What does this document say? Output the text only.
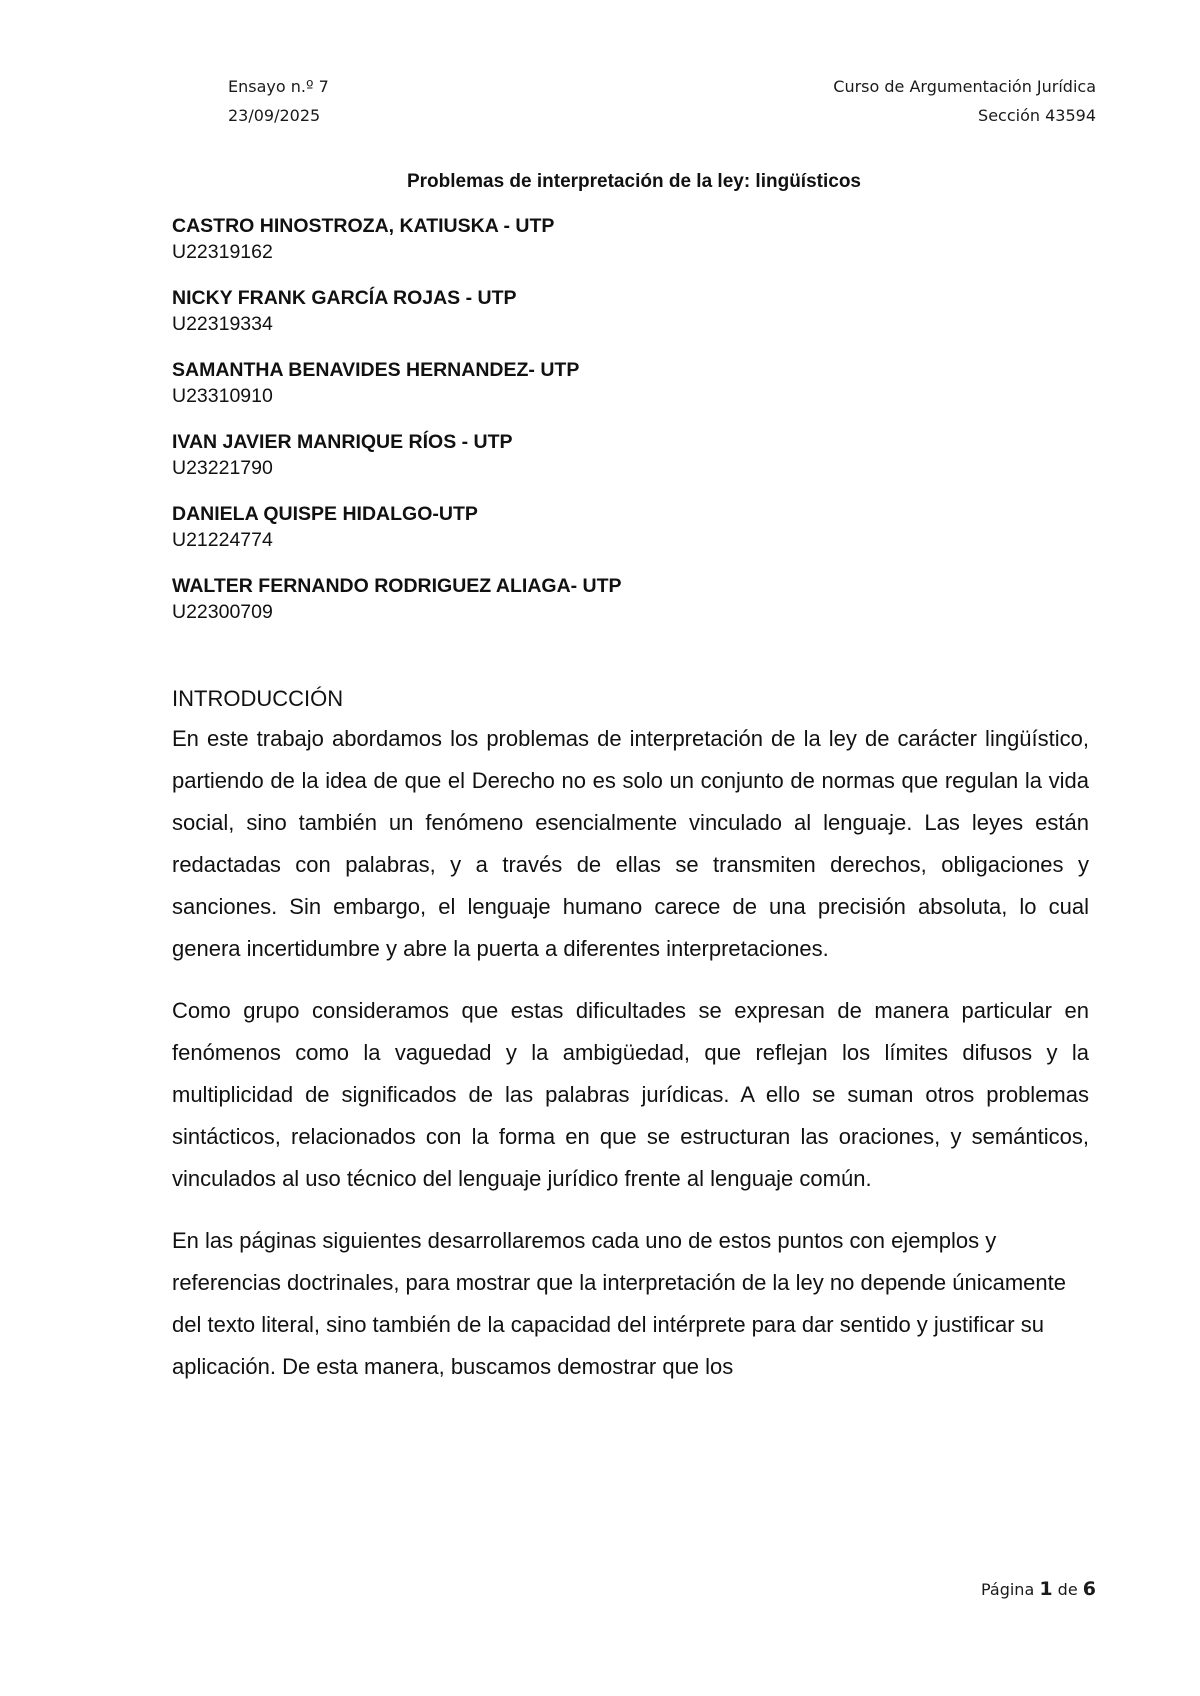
Ensayo n.º 7
23/09/2025
Curso de Argumentación Jurídica
Sección 43594
Problemas de interpretación de la ley: lingüísticos
CASTRO HINOSTROZA, KATIUSKA - UTP
U22319162
NICKY FRANK GARCÍA ROJAS - UTP
U22319334
SAMANTHA BENAVIDES HERNANDEZ- UTP
U23310910
IVAN JAVIER MANRIQUE RÍOS - UTP
U23221790
DANIELA QUISPE HIDALGO-UTP
U21224774
WALTER FERNANDO RODRIGUEZ ALIAGA- UTP
U22300709
INTRODUCCIÓN

En este trabajo abordamos los problemas de interpretación de la ley de carácter lingüístico, partiendo de la idea de que el Derecho no es solo un conjunto de normas que regulan la vida social, sino también un fenómeno esencialmente vinculado al lenguaje. Las leyes están redactadas con palabras, y a través de ellas se transmiten derechos, obligaciones y sanciones. Sin embargo, el lenguaje humano carece de una precisión absoluta, lo cual genera incertidumbre y abre la puerta a diferentes interpretaciones.

Como grupo consideramos que estas dificultades se expresan de manera particular en fenómenos como la vaguedad y la ambigüedad, que reflejan los límites difusos y la multiplicidad de significados de las palabras jurídicas. A ello se suman otros problemas sintácticos, relacionados con la forma en que se estructuran las oraciones, y semánticos, vinculados al uso técnico del lenguaje jurídico frente al lenguaje común.

En las páginas siguientes desarrollaremos cada uno de estos puntos con ejemplos y referencias doctrinales, para mostrar que la interpretación de la ley no depende únicamente del texto literal, sino también de la capacidad del intérprete para dar sentido y justificar su aplicación. De esta manera, buscamos demostrar que los

Página 1 de 6
